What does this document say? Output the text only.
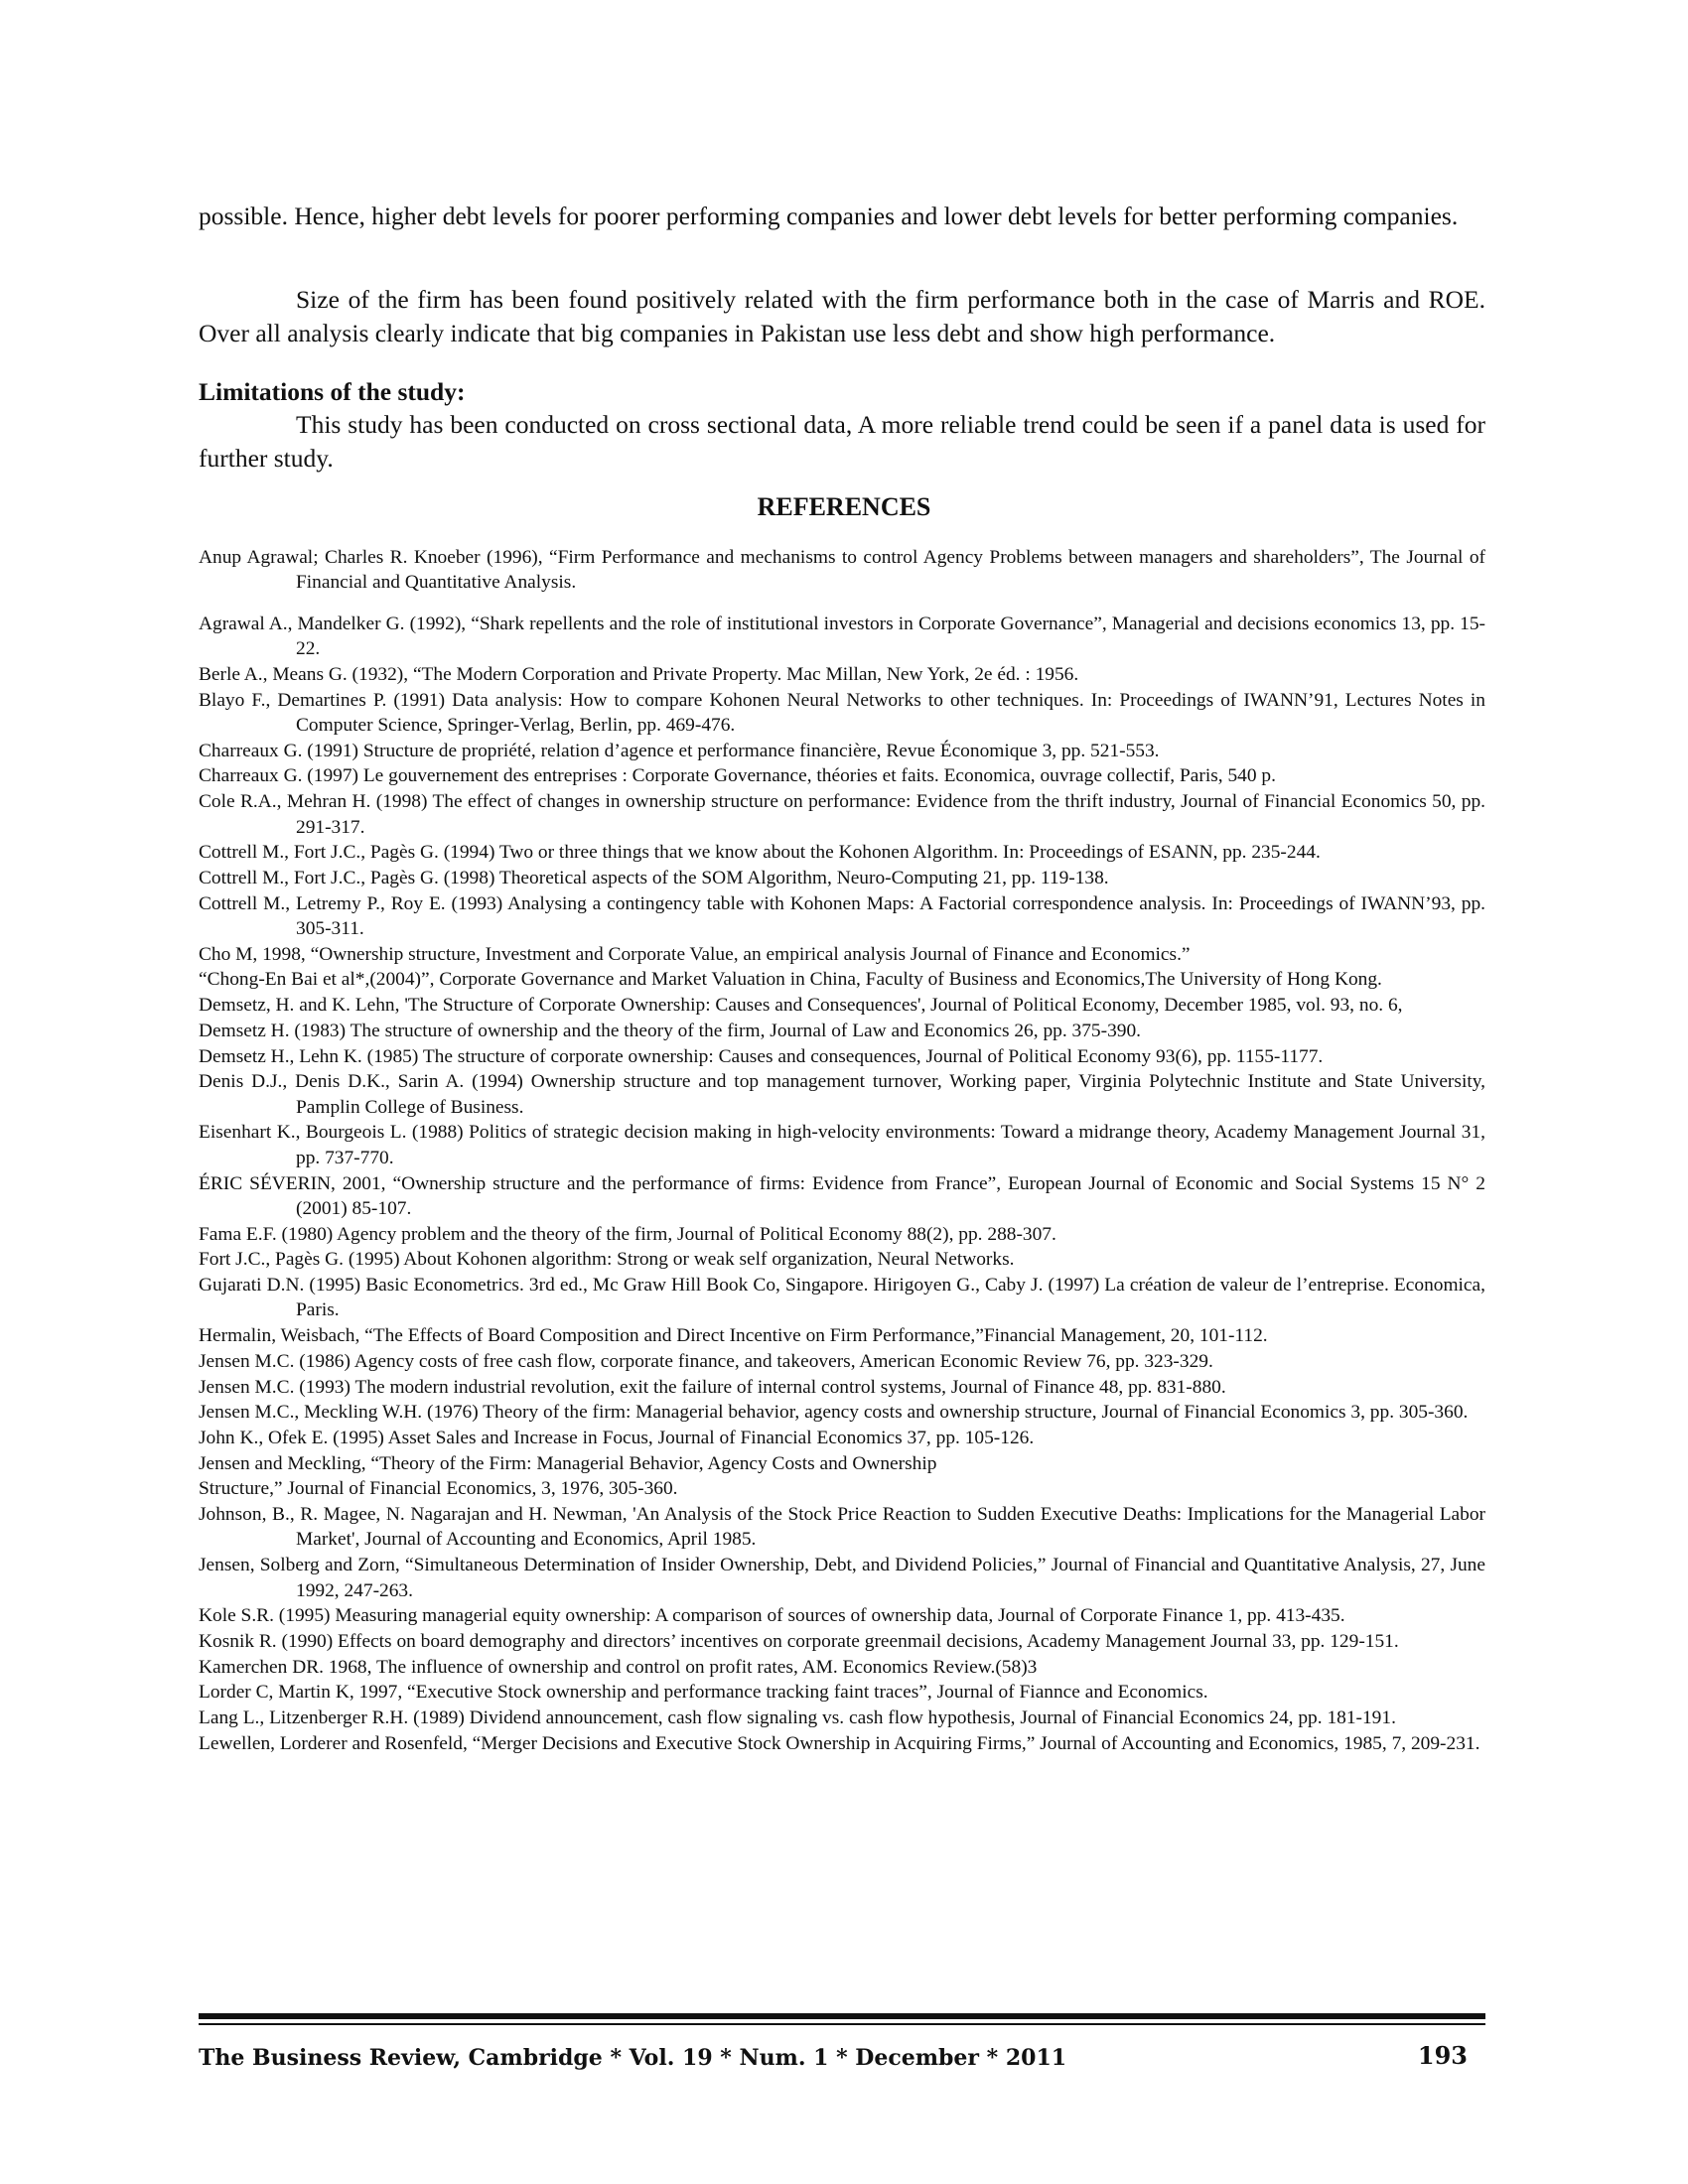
possible. Hence, higher debt levels for poorer performing companies and lower debt levels for better performing companies.

Size of the firm has been found positively related with the firm performance both in the case of Marris and ROE. Over all analysis clearly indicate that big companies in Pakistan use less debt and show high performance.

Limitations of the study:

This study has been conducted on cross sectional data, A more reliable trend could be seen if a panel data is used for further study.

REFERENCES
Anup Agrawal; Charles R. Knoeber (1996), “Firm Performance and mechanisms to control Agency Problems between managers and shareholders”, The Journal of Financial and Quantitative Analysis.
Agrawal A., Mandelker G. (1992), “Shark repellents and the role of institutional investors in Corporate Governance”, Managerial and decisions economics 13, pp. 15-22.
Berle A., Means G. (1932), “The Modern Corporation and Private Property. Mac Millan, New York, 2e éd. : 1956.
Blayo F., Demartines P. (1991) Data analysis: How to compare Kohonen Neural Networks to other techniques. In: Proceedings of IWANN’91, Lectures Notes in Computer Science, Springer-Verlag, Berlin, pp. 469-476.
Charreaux G. (1991) Structure de propriété, relation d’agence et performance financière, Revue Économique 3, pp. 521-553.
Charreaux G. (1997) Le gouvernement des entreprises : Corporate Governance, théories et faits. Economica, ouvrage collectif, Paris, 540 p.
Cole R.A., Mehran H. (1998) The effect of changes in ownership structure on performance: Evidence from the thrift industry, Journal of Financial Economics 50, pp. 291-317.
Cottrell M., Fort J.C., Pagès G. (1994) Two or three things that we know about the Kohonen Algorithm. In: Proceedings of ESANN, pp. 235-244.
Cottrell M., Fort J.C., Pagès G. (1998) Theoretical aspects of the SOM Algorithm, Neuro-Computing 21, pp. 119-138.
Cottrell M., Letremy P., Roy E. (1993) Analysing a contingency table with Kohonen Maps: A Factorial correspondence analysis. In: Proceedings of IWANN’93, pp. 305-311.
Cho M, 1998, “Ownership structure, Investment and Corporate Value, an empirical analysis Journal of Finance and Economics.”
“Chong-En Bai et al*,(2004)”, Corporate Governance and Market Valuation in China, Faculty of Business and Economics,The University of Hong Kong.
Demsetz, H. and K. Lehn, 'The Structure of Corporate Ownership: Causes and Consequences', Journal of Political Economy, December 1985, vol. 93, no. 6,
Demsetz H. (1983) The structure of ownership and the theory of the firm, Journal of Law and Economics 26, pp. 375-390.
Demsetz H., Lehn K. (1985) The structure of corporate ownership: Causes and consequences, Journal of Political Economy 93(6), pp. 1155-1177.
Denis D.J., Denis D.K., Sarin A. (1994) Ownership structure and top management turnover, Working paper, Virginia Polytechnic Institute and State University, Pamplin College of Business.
Eisenhart K., Bourgeois L. (1988) Politics of strategic decision making in high-velocity environments: Toward a midrange theory, Academy Management Journal 31, pp. 737-770.
ÉRIC SÉVERIN, 2001, “Ownership structure and the performance of firms: Evidence from France”, European Journal of Economic and Social Systems 15 N° 2 (2001) 85-107.
Fama E.F. (1980) Agency problem and the theory of the firm, Journal of Political Economy 88(2), pp. 288-307.
Fort J.C., Pagès G. (1995) About Kohonen algorithm: Strong or weak self organization, Neural Networks.
Gujarati D.N. (1995) Basic Econometrics. 3rd ed., Mc Graw Hill Book Co, Singapore. Hirigoyen G., Caby J. (1997) La création de valeur de l’entreprise. Economica, Paris.
Hermalin, Weisbach, “The Effects of Board Composition and Direct Incentive on Firm Performance,”Financial Management, 20, 101-112.
Jensen M.C. (1986) Agency costs of free cash flow, corporate finance, and takeovers, American Economic Review 76, pp. 323-329.
Jensen M.C. (1993) The modern industrial revolution, exit the failure of internal control systems, Journal of Finance 48, pp. 831-880.
Jensen M.C., Meckling W.H. (1976) Theory of the firm: Managerial behavior, agency costs and ownership structure, Journal of Financial Economics 3, pp. 305-360.
John K., Ofek E. (1995) Asset Sales and Increase in Focus, Journal of Financial Economics 37, pp. 105-126.
Jensen and Meckling, “Theory of the Firm: Managerial Behavior, Agency Costs and Ownership
Structure,” Journal of Financial Economics, 3, 1976, 305-360.
Johnson, B., R. Magee, N. Nagarajan and H. Newman, 'An Analysis of the Stock Price Reaction to Sudden Executive Deaths: Implications for the Managerial Labor Market', Journal of Accounting and Economics, April 1985.
Jensen, Solberg and Zorn, “Simultaneous Determination of Insider Ownership, Debt, and Dividend Policies,” Journal of Financial and Quantitative Analysis, 27, June 1992, 247-263.
Kole S.R. (1995) Measuring managerial equity ownership: A comparison of sources of ownership data, Journal of Corporate Finance 1, pp. 413-435.
Kosnik R. (1990) Effects on board demography and directors’ incentives on corporate greenmail decisions, Academy Management Journal 33, pp. 129-151.
Kamerchen DR. 1968, The influence of ownership and control on profit rates, AM. Economics Review.(58)3
Lorder C, Martin K, 1997, “Executive Stock ownership and performance tracking faint traces”, Journal of Fiannce and Economics.
Lang L., Litzenberger R.H. (1989) Dividend announcement, cash flow signaling vs. cash flow hypothesis, Journal of Financial Economics 24, pp. 181-191.
Lewellen, Lorderer and Rosenfeld, “Merger Decisions and Executive Stock Ownership in Acquiring Firms,” Journal of Accounting and Economics, 1985, 7, 209-231.
The Business Review, Cambridge * Vol. 19 * Num. 1 * December * 2011	193
